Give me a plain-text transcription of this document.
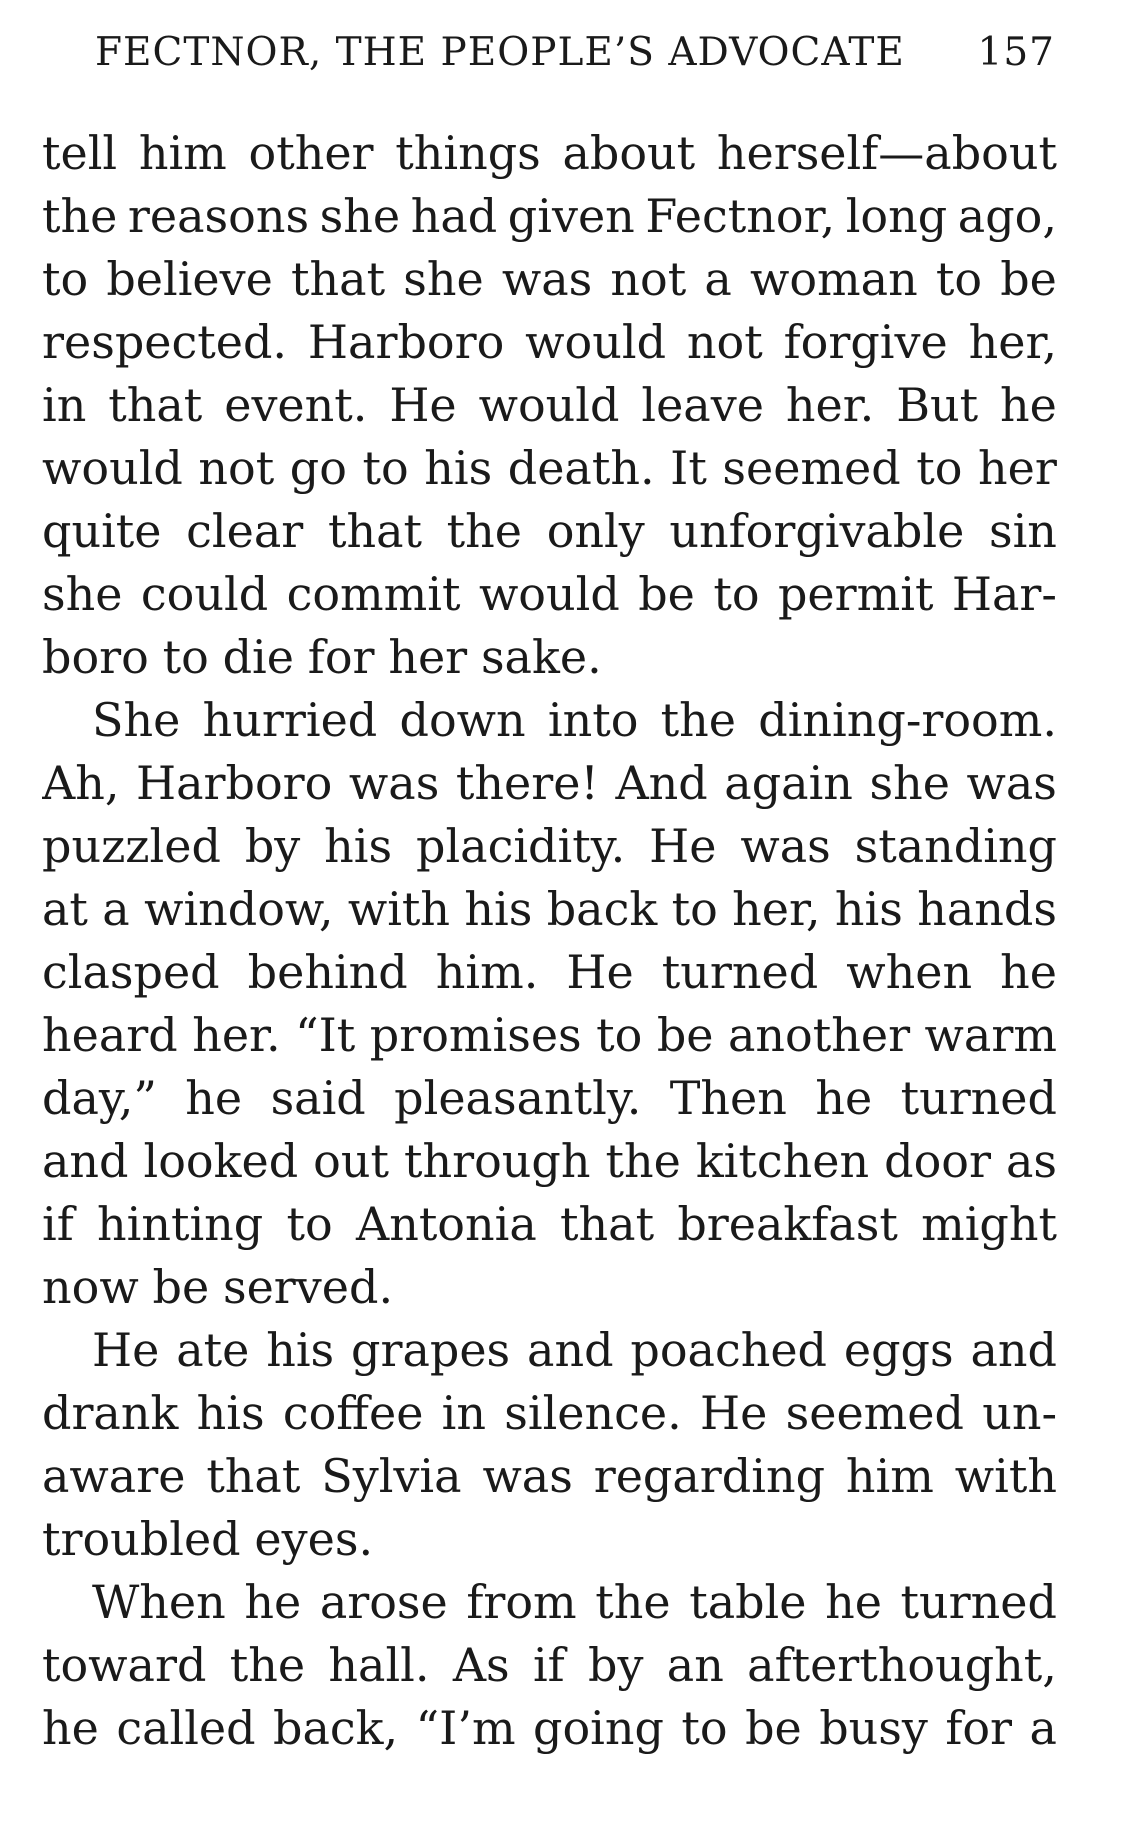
FECTNOR, THE PEOPLE’S ADVOCATE 157
tell him other things about herself—about
the reasons she had given Fectnor, long ago,
to believe that she was not a woman to be
respected. Harboro would not forgive her,
in that event. He would leave her. But he
would not go to his death. It seemed to her
quite clear that the only unforgivable sin
she could commit would be to permit Har-
boro to die for her sake.
She hurried down into the dining-room.
Ah, Harboro was there! And again she was
puzzled by his placidity. He was standing
at a window, with his back to her, his hands
clasped behind him. He turned when he
heard her. “It promises to be another warm
day,” he said pleasantly. Then he turned
and looked out through the kitchen door as
if hinting to Antonia that breakfast might
now be served.
He ate his grapes and poached eggs and
drank his coffee in silence. He seemed un-
aware that Sylvia was regarding him with
troubled eyes.
When he arose from the table he turned
toward the hall. As if by an afterthought,
he called back, “I’m going to be busy for a
